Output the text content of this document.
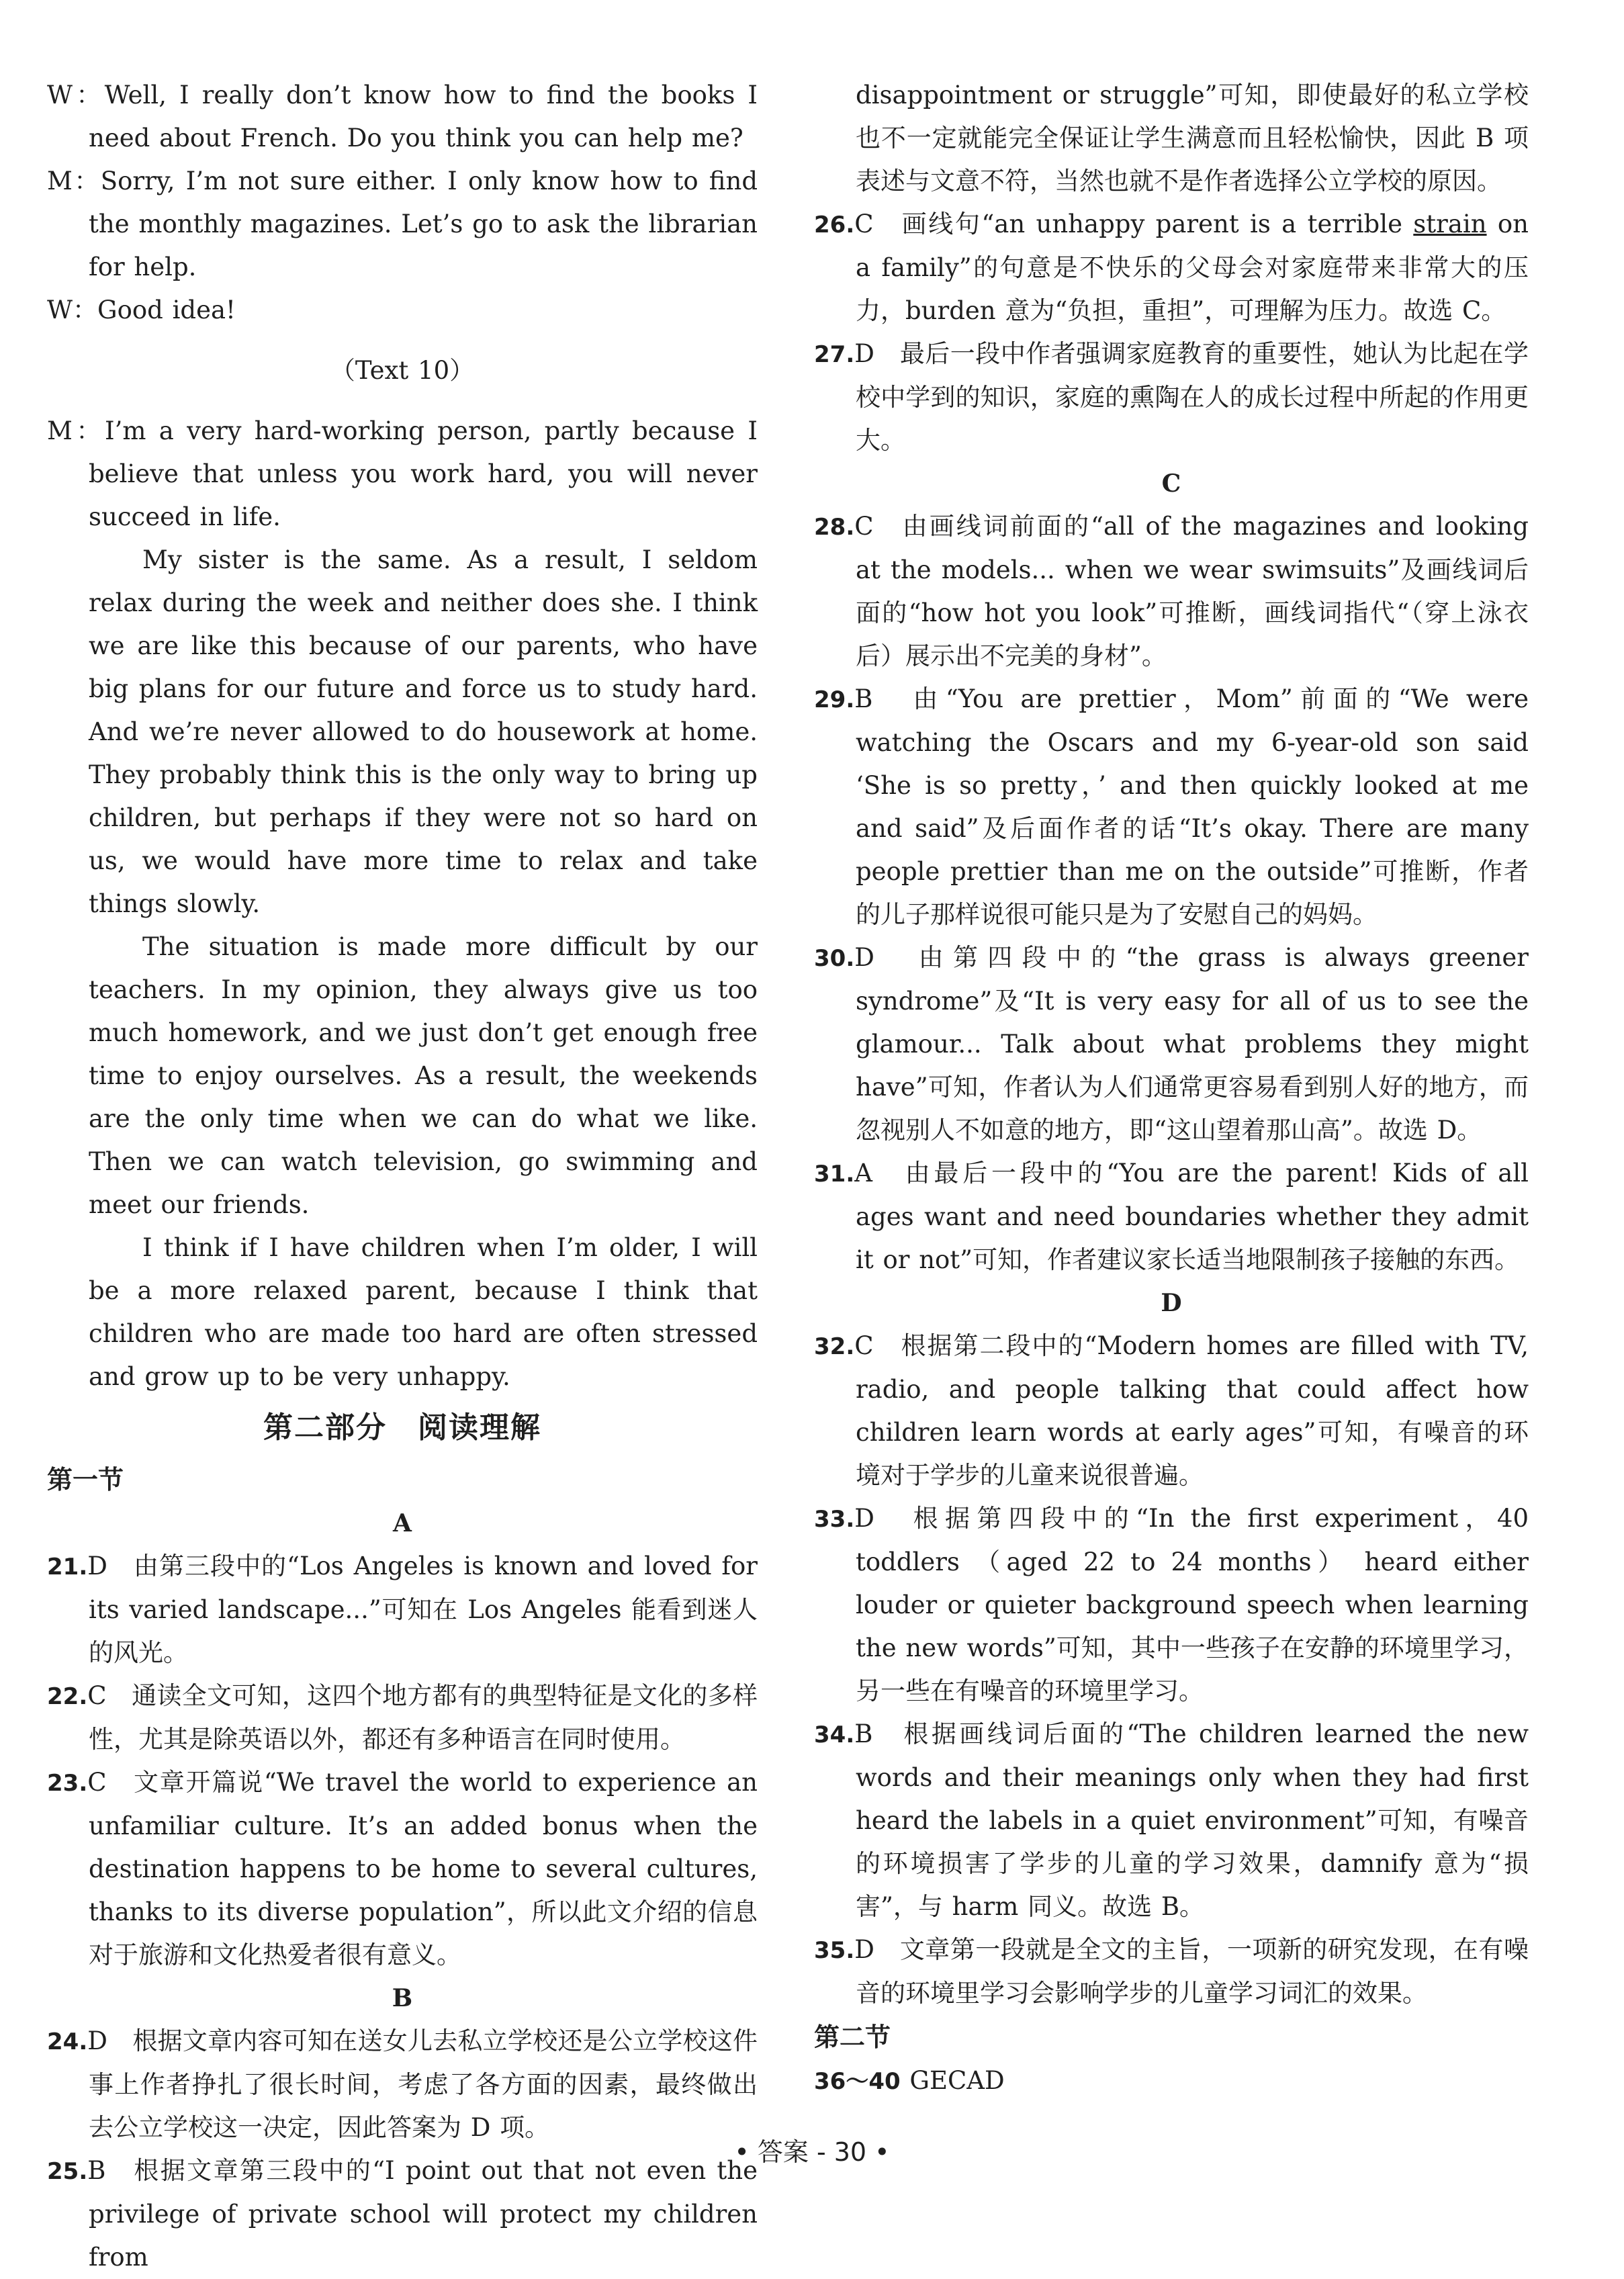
W：Well, I really don’t know how to find the books I need about French. Do you think you can help me?
M：Sorry, I’m not sure either. I only know how to find the monthly magazines. Let’s go to ask the librarian for help.
W：Good idea!
（Text 10）
M：I’m a very hard-working person, partly because I believe that unless you work hard, you will never succeed in life.
My sister is the same. As a result, I seldom relax during the week and neither does she. I think we are like this because of our parents, who have big plans for our future and force us to study hard. And we’re never allowed to do housework at home. They probably think this is the only way to bring up children, but perhaps if they were not so hard on us, we would have more time to relax and take things slowly.
The situation is made more difficult by our teachers. In my opinion, they always give us too much homework, and we just don’t get enough free time to enjoy ourselves. As a result, the weekends are the only time when we can do what we like. Then we can watch television, go swimming and meet our friends.
I think if I have children when I’m older, I will be a more relaxed parent, because I think that children who are made too hard are often stressed and grow up to be very unhappy.
第二部分　阅读理解
第一节
A
21.D　由第三段中的“Los Angeles is known and loved for its varied landscape...”可知在 Los Angeles 能看到迷人的风光。
22.C　通读全文可知，这四个地方都有的典型特征是文化的多样性，尤其是除英语以外，都还有多种语言在同时使用。
23.C　文章开篇说“We travel the world to experience an unfamiliar culture. It’s an added bonus when the destination happens to be home to several cultures, thanks to its diverse population”，所以此文介绍的信息对于旅游和文化热爱者很有意义。
B
24.D　根据文章内容可知在送女儿去私立学校还是公立学校这件事上作者挣扎了很长时间，考虑了各方面的因素，最终做出去公立学校这一决定，因此答案为 D 项。
25.B　根据文章第三段中的“I point out that not even the privilege of private school will protect my children from
disappointment or struggle”可知，即使最好的私立学校也不一定就能完全保证让学生满意而且轻松愉快，因此 B 项表述与文意不符，当然也就不是作者选择公立学校的原因。
26.C　画线句“an unhappy parent is a terrible strain on a family”的句意是不快乐的父母会对家庭带来非常大的压力，burden 意为“负担，重担”，可理解为压力。故选 C。
27.D　最后一段中作者强调家庭教育的重要性，她认为比起在学校中学到的知识，家庭的熏陶在人的成长过程中所起的作用更大。
C
28.C　由画线词前面的“all of the magazines and looking at the models... when we wear swimsuits”及画线词后面的“how hot you look”可推断，画线词指代“（穿上泳衣后）展示出不完美的身材”。
29.B　由“You are prettier，Mom”前面的“We were watching the Oscars and my 6-year-old son said ‘She is so pretty，’ and then quickly looked at me and said”及后面作者的话“It’s okay. There are many people prettier than me on the outside”可推断，作者的儿子那样说很可能只是为了安慰自己的妈妈。
30.D　由第四段中的“the grass is always greener syndrome”及“It is very easy for all of us to see the glamour... Talk about what problems they might have”可知，作者认为人们通常更容易看到别人好的地方，而忽视别人不如意的地方，即“这山望着那山高”。故选 D。
31.A　由最后一段中的“You are the parent! Kids of all ages want and need boundaries whether they admit it or not”可知，作者建议家长适当地限制孩子接触的东西。
D
32.C　根据第二段中的“Modern homes are filled with TV, radio, and people talking that could affect how children learn words at early ages”可知，有噪音的环境对于学步的儿童来说很普遍。
33.D　根据第四段中的“In the first experiment，40 toddlers （aged 22 to 24 months） heard either louder or quieter background speech when learning the new words”可知，其中一些孩子在安静的环境里学习，另一些在有噪音的环境里学习。
34.B　根据画线词后面的“The children learned the new words and their meanings only when they had first heard the labels in a quiet environment”可知，有噪音的环境损害了学步的儿童的学习效果，damnify 意为“损害”，与 harm 同义。故选 B。
35.D　文章第一段就是全文的主旨，一项新的研究发现，在有噪音的环境里学习会影响学步的儿童学习词汇的效果。
第二节
36～40 GECAD
• 答案 - 30 •
